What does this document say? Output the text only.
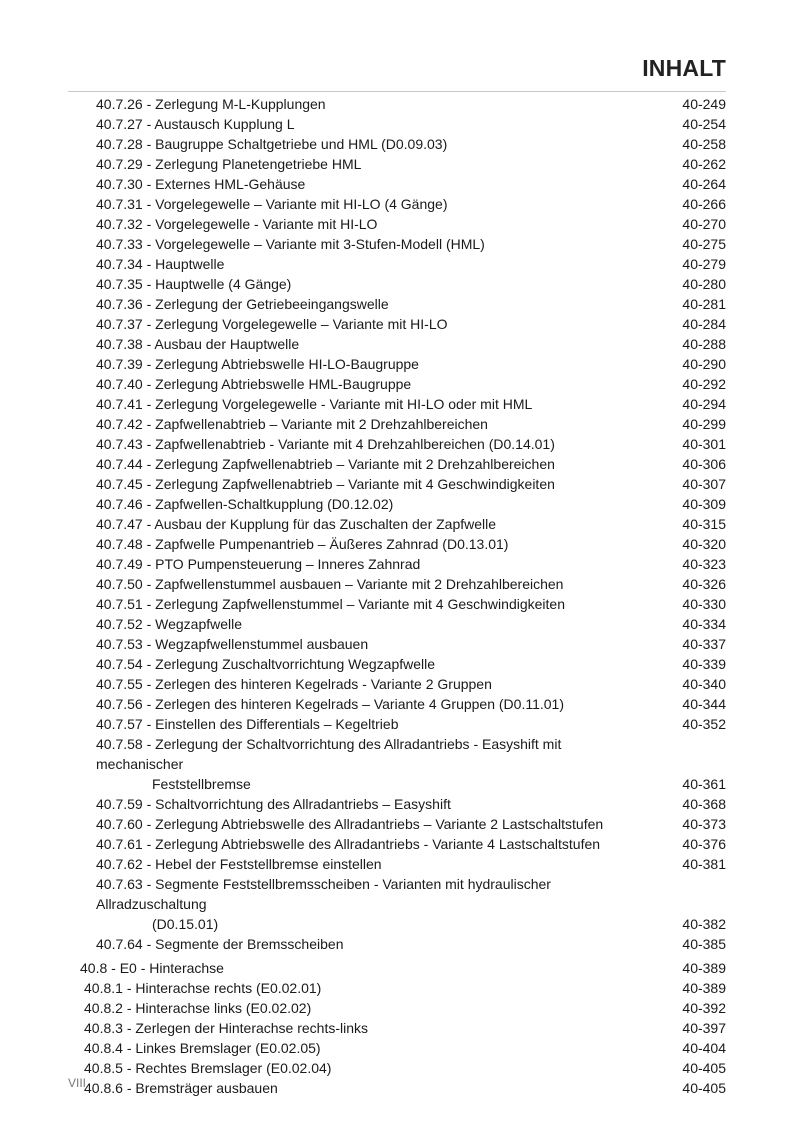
INHALT
40.7.26 - Zerlegung M-L-Kupplungen	40-249
40.7.27 - Austausch Kupplung L	40-254
40.7.28 - Baugruppe Schaltgetriebe und HML (D0.09.03)	40-258
40.7.29 - Zerlegung Planetengetriebe HML	40-262
40.7.30 - Externes HML-Gehäuse	40-264
40.7.31 - Vorgelegewelle – Variante mit HI-LO (4 Gänge)	40-266
40.7.32 - Vorgelegewelle - Variante mit HI-LO	40-270
40.7.33 - Vorgelegewelle – Variante mit 3-Stufen-Modell (HML)	40-275
40.7.34 - Hauptwelle	40-279
40.7.35 - Hauptwelle (4 Gänge)	40-280
40.7.36 - Zerlegung der Getriebeeingangswelle	40-281
40.7.37 - Zerlegung Vorgelegewelle – Variante mit HI-LO	40-284
40.7.38 - Ausbau der Hauptwelle	40-288
40.7.39 - Zerlegung Abtriebswelle HI-LO-Baugruppe	40-290
40.7.40 - Zerlegung Abtriebswelle HML-Baugruppe	40-292
40.7.41 - Zerlegung Vorgelegewelle - Variante mit HI-LO oder mit HML	40-294
40.7.42 - Zapfwellenabtrieb – Variante mit 2 Drehzahlbereichen	40-299
40.7.43 - Zapfwellenabtrieb - Variante mit 4 Drehzahlbereichen (D0.14.01)	40-301
40.7.44 - Zerlegung Zapfwellenabtrieb – Variante mit 2 Drehzahlbereichen	40-306
40.7.45 - Zerlegung Zapfwellenabtrieb – Variante mit 4 Geschwindigkeiten	40-307
40.7.46 - Zapfwellen-Schaltkupplung (D0.12.02)	40-309
40.7.47 - Ausbau der Kupplung für das Zuschalten der Zapfwelle	40-315
40.7.48 - Zapfwelle Pumpenantrieb – Äußeres Zahnrad (D0.13.01)	40-320
40.7.49 - PTO Pumpensteuerung – Inneres Zahnrad	40-323
40.7.50 - Zapfwellenstummel ausbauen – Variante mit 2 Drehzahlbereichen	40-326
40.7.51 - Zerlegung Zapfwellenstummel – Variante mit 4 Geschwindigkeiten	40-330
40.7.52 - Wegzapfwelle	40-334
40.7.53 - Wegzapfwellenstummel ausbauen	40-337
40.7.54 - Zerlegung Zuschaltvorrichtung Wegzapfwelle	40-339
40.7.55 - Zerlegen des hinteren Kegelrads - Variante 2 Gruppen	40-340
40.7.56 - Zerlegen des hinteren Kegelrads – Variante 4 Gruppen (D0.11.01)	40-344
40.7.57 - Einstellen des Differentials – Kegeltrieb	40-352
40.7.58 - Zerlegung der Schaltvorrichtung des Allradantriebs - Easyshift mit mechanischer
Feststellbremse	40-361
40.7.59 - Schaltvorrichtung des Allradantriebs – Easyshift	40-368
40.7.60 - Zerlegung Abtriebswelle des Allradantriebs – Variante 2 Lastschaltstufen	40-373
40.7.61 - Zerlegung Abtriebswelle des Allradantriebs - Variante 4 Lastschaltstufen	40-376
40.7.62 - Hebel der Feststellbremse einstellen	40-381
40.7.63 - Segmente Feststellbremsscheiben - Varianten mit hydraulischer Allradzuschaltung
(D0.15.01)	40-382
40.7.64 - Segmente der Bremsscheiben	40-385
40.8 - E0 - Hinterachse	40-389
40.8.1 - Hinterachse rechts (E0.02.01)	40-389
40.8.2 - Hinterachse links (E0.02.02)	40-392
40.8.3 - Zerlegen der Hinterachse rechts-links	40-397
40.8.4 - Linkes Bremslager (E0.02.05)	40-404
40.8.5 - Rechtes Bremslager (E0.02.04)	40-405
40.8.6 - Bremsträger ausbauen	40-405
VIII
